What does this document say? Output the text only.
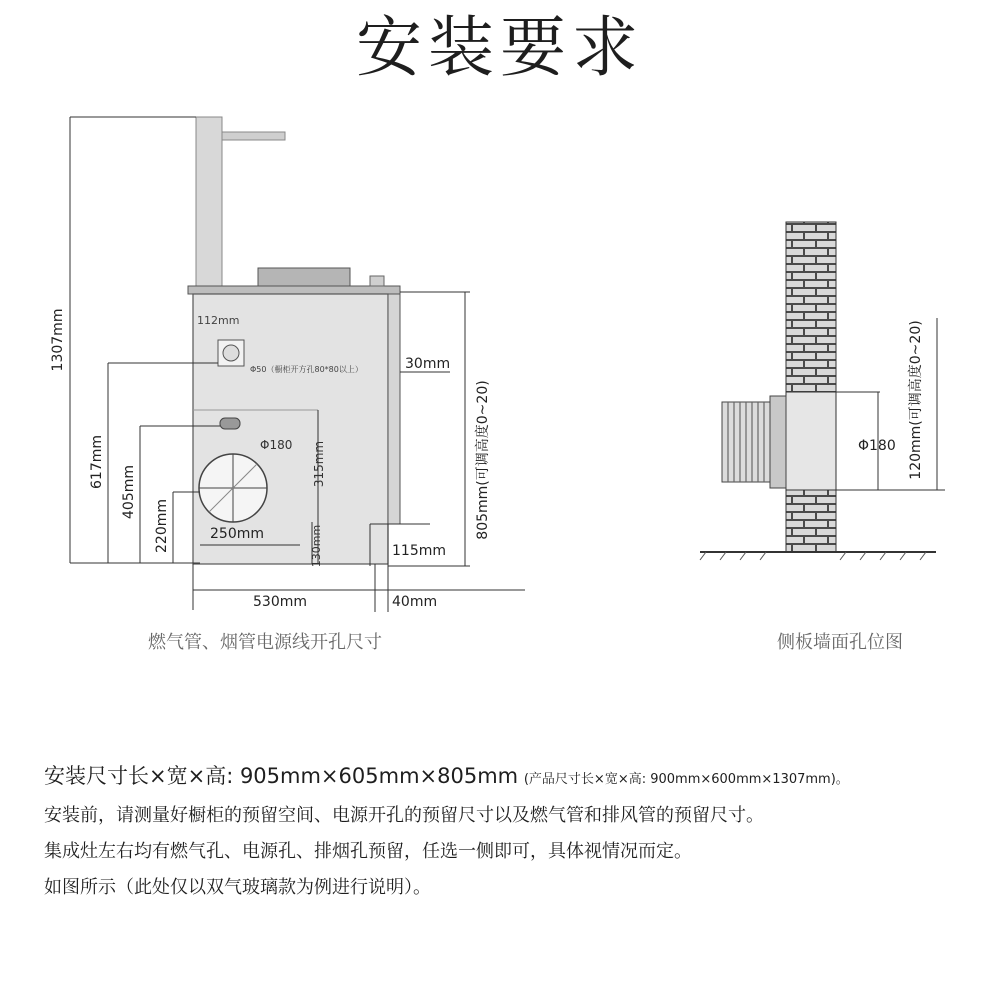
安装要求
1307mm
617mm
405mm
220mm
112mm
Φ50（橱柜开方孔80*80以上）	30mm
Φ180 315mm
250mm	130mm	115mm
805mm(可调高度0~20)
530mm	40mm
Φ180 120mm(可调高度0~20)
燃气管、烟管电源线开孔尺寸	侧板墙面孔位图
安装尺寸长×宽×高: 905mm×605mm×805mm (产品尺寸长×宽×高: 900mm×600mm×1307mm)。
安装前，请测量好橱柜的预留空间、电源开孔的预留尺寸以及燃气管和排风管的预留尺寸。
集成灶左右均有燃气孔、电源孔、排烟孔预留，任选一侧即可，具体视情况而定。
如图所示（此处仅以双气玻璃款为例进行说明）。
